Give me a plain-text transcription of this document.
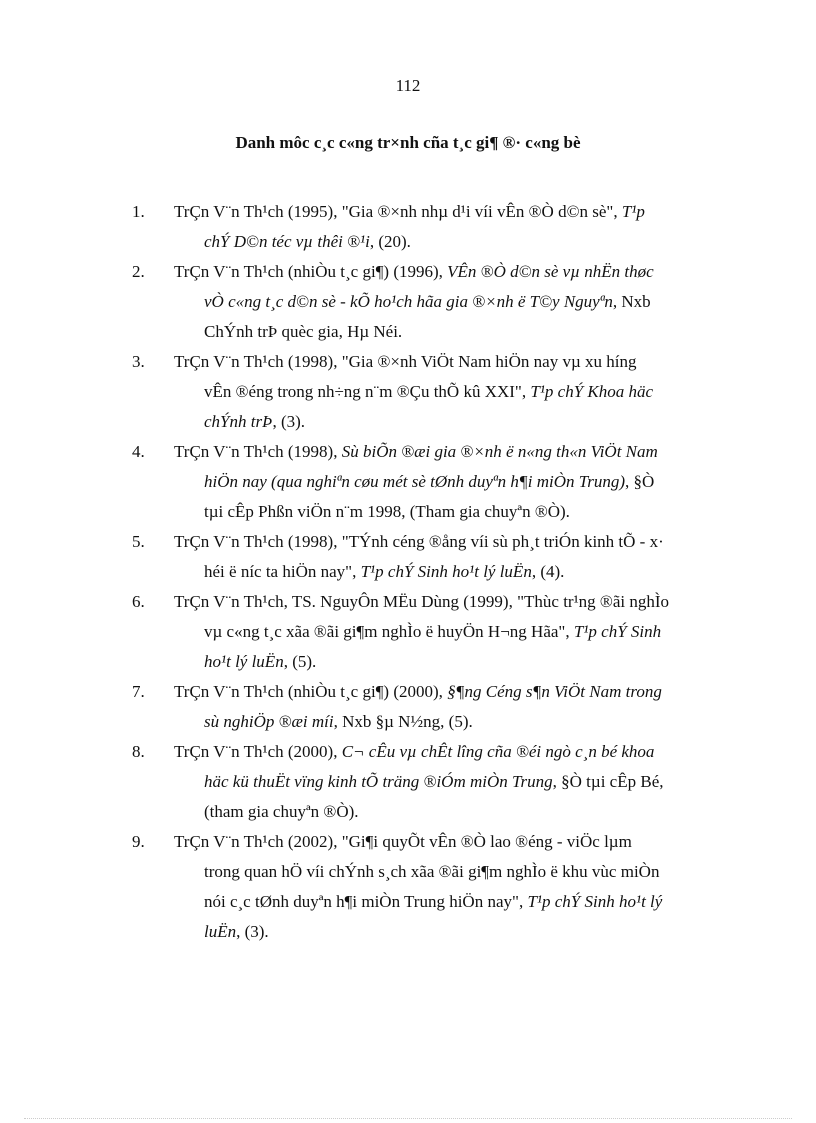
112
Danh môc c¸c c«ng tr×nh cña t¸c gi¶ ®· c«ng bè
1.	TrÇn V¨n Th¹ch (1995), "Gia ®×nh nhµ d¹i víi vÊn ®Ò d©n sè", T¹p
chÝ D©n téc vµ thêi ®¹i, (20).
2.	TrÇn V¨n Th¹ch (nhiÒu t¸c gi¶) (1996), VÊn ®Ò d©n sè vµ nhËn thøc
vÒ c«ng t¸c d©n sè - kÕ ho¹ch hãa gia ®×nh ë T©y Nguyªn, Nxb
ChÝnh trÞ quèc gia, Hµ Néi.
3.	TrÇn V¨n Th¹ch (1998), "Gia ®×nh ViÖt Nam hiÖn nay vµ xu híng
vÊn ®éng trong nh÷ng n¨m ®Çu thÕ kû XXI", T¹p chÝ Khoa häc
chÝnh trÞ, (3).
4.	TrÇn V¨n Th¹ch (1998), Sù biÕn ®æi gia ®×nh ë n«ng th«n ViÖt Nam
hiÖn nay (qua nghiªn cøu mét sè tØnh duyªn h¶i miÒn Trung), §Ò
tµi cÊp Phßn viÖn n¨m 1998, (Tham gia chuyªn ®Ò).
5.	TrÇn V¨n Th¹ch (1998), "TÝnh céng ®ång víi sù ph¸t triÓn kinh tÕ - x·
héi ë níc ta hiÖn nay", T¹p chÝ Sinh ho¹t lý luËn, (4).
6.	TrÇn V¨n Th¹ch, TS. NguyÔn MËu Dùng (1999), "Thùc tr¹ng ®ãi nghÌo
vµ c«ng t¸c xãa ®ãi gi¶m nghÌo ë huyÖn H¬ng Hãa", T¹p chÝ Sinh
ho¹t lý luËn, (5).
7.	TrÇn V¨n Th¹ch (nhiÒu t¸c gi¶) (2000), §¶ng Céng s¶n ViÖt Nam trong
sù nghiÖp ®æi míi, Nxb §µ N½ng, (5).
8.	TrÇn V¨n Th¹ch (2000), C¬ cÊu vµ chÊt lîng cña ®éi ngò c¸n bé khoa
häc kü thuËt vïng kinh tÕ träng ®iÓm miÒn Trung, §Ò tµi cÊp Bé,
(tham gia chuyªn ®Ò).
9.	TrÇn V¨n Th¹ch (2002), "Gi¶i quyÕt vÊn ®Ò lao ®éng - viÖc lµm
trong quan hÖ víi chÝnh s¸ch xãa ®ãi gi¶m nghÌo ë khu vùc miÒn
nói c¸c tØnh duyªn h¶i miÒn Trung hiÖn nay", T¹p chÝ Sinh ho¹t lý
luËn, (3).
